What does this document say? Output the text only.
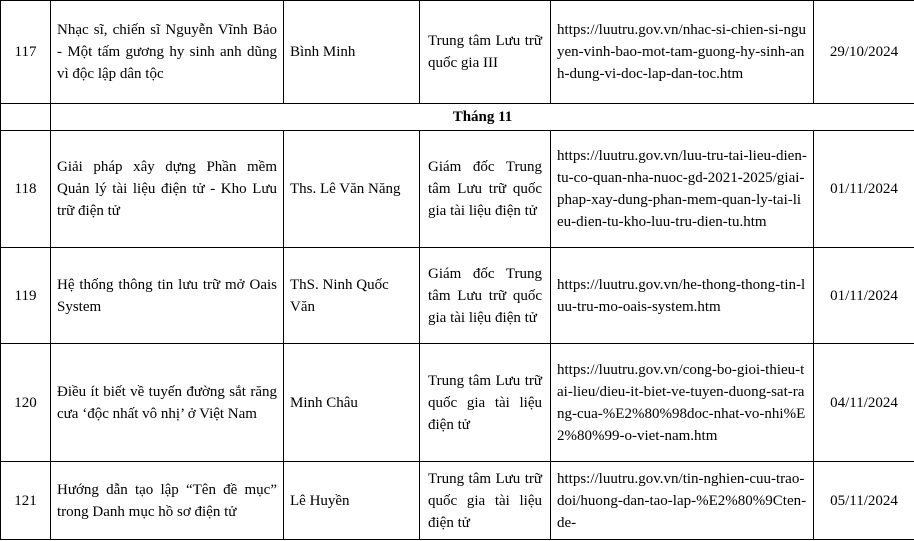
117	Nhạc sĩ, chiến sĩ Nguyễn Vĩnh Bảo - Một tấm gương hy sinh anh dũng vì độc lập dân tộc	Bình Minh	Trung tâm Lưu trữ quốc gia III	https://luutru.gov.vn/nhac-si-chien-si-nguyen-vinh-bao-mot-tam-guong-hy-sinh-anh-dung-vi-doc-lap-dan-toc.htm	29/10/2024
	Tháng 11				
118	Giải pháp xây dựng Phần mềm Quản lý tài liệu điện tử - Kho Lưu trữ điện tử	Ths. Lê Văn Năng	Giám đốc Trung tâm Lưu trữ quốc gia tài liệu điện tử	https://luutru.gov.vn/luu-tru-tai-lieu-dien-tu-co-quan-nha-nuoc-gd-2021-2025/giai-phap-xay-dung-phan-mem-quan-ly-tai-lieu-dien-tu-kho-luu-tru-dien-tu.htm	01/11/2024
119	Hệ thống thông tin lưu trữ mở Oais System	ThS. Ninh Quốc Văn	Giám đốc Trung tâm Lưu trữ quốc gia tài liệu điện tử	https://luutru.gov.vn/he-thong-thong-tin-luu-tru-mo-oais-system.htm	01/11/2024
120	Điều ít biết về tuyến đường sắt răng cưa ‘độc nhất vô nhị’ ở Việt Nam	Minh Châu	Trung tâm Lưu trữ quốc gia tài liệu điện tử	https://luutru.gov.vn/cong-bo-gioi-thieu-tai-lieu/dieu-it-biet-ve-tuyen-duong-sat-rang-cua-%E2%80%98doc-nhat-vo-nhi%E2%80%99-o-viet-nam.htm	04/11/2024
121	Hướng dẫn tạo lập “Tên đề mục” trong Danh mục hồ sơ điện tử	Lê Huyền	Trung tâm Lưu trữ quốc gia tài liệu điện tử	https://luutru.gov.vn/tin-nghien-cuu-trao-doi/huong-dan-tao-lap-%E2%80%9Cten-de-	05/11/2024
